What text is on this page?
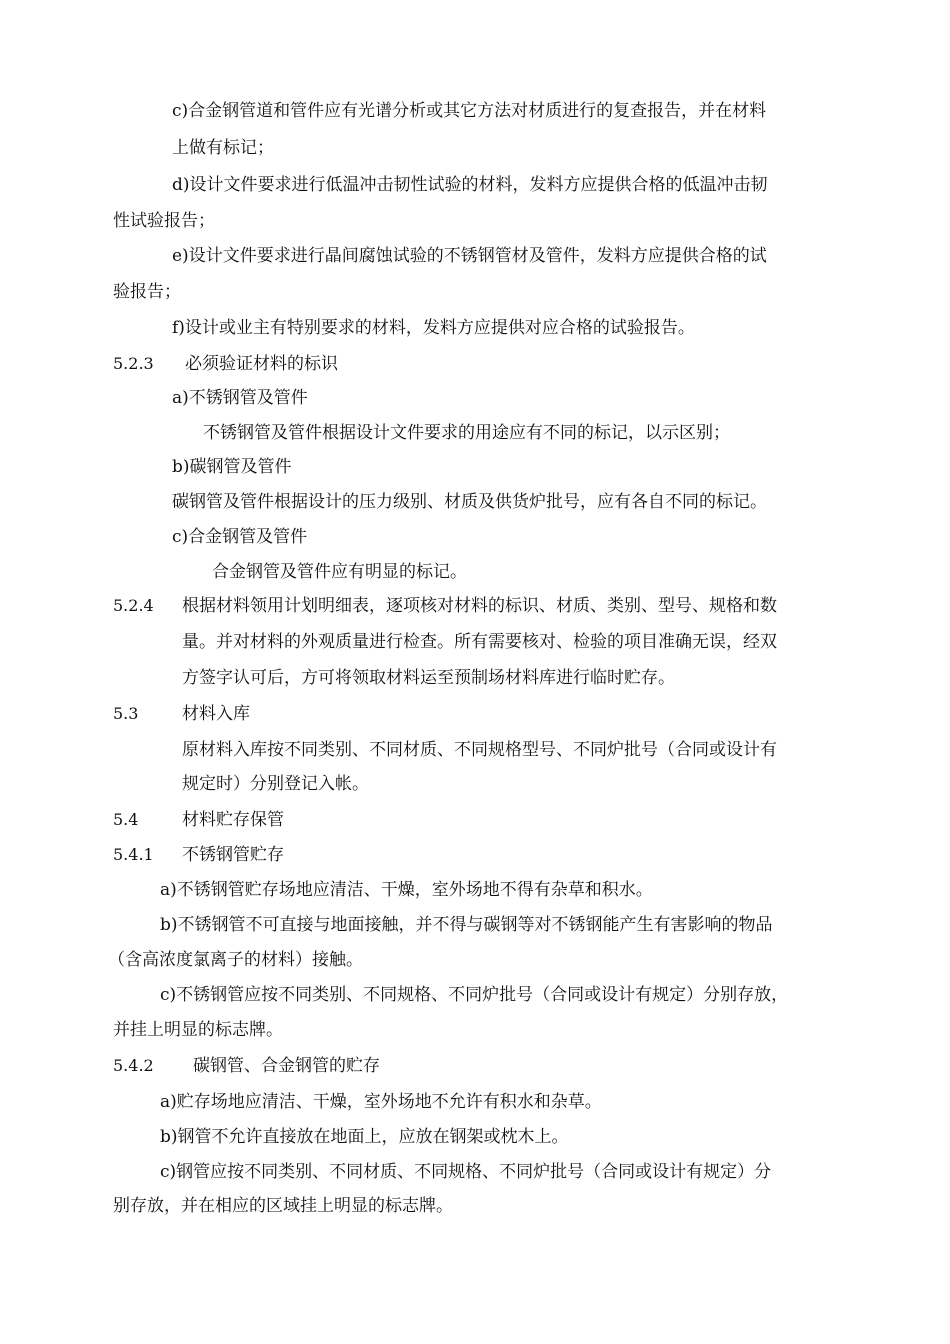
c)合金钢管道和管件应有光谱分析或其它方法对材质进行的复查报告，并在材料
上做有标记；
d)设计文件要求进行低温冲击韧性试验的材料，发料方应提供合格的低温冲击韧
性试验报告；
e)设计文件要求进行晶间腐蚀试验的不锈钢管材及管件，发料方应提供合格的试
验报告；
f)设计或业主有特别要求的材料，发料方应提供对应合格的试验报告。
5.2.3 必须验证材料的标识
a)不锈钢管及管件
不锈钢管及管件根据设计文件要求的用途应有不同的标记，以示区别；
b)碳钢管及管件
碳钢管及管件根据设计的压力级别、材质及供货炉批号，应有各自不同的标记。
c)合金钢管及管件
合金钢管及管件应有明显的标记。
5.2.4 根据材料领用计划明细表，逐项核对材料的标识、材质、类别、型号、规格和数
量。并对材料的外观质量进行检查。所有需要核对、检验的项目准确无误，经双
方签字认可后，方可将领取材料运至预制场材料库进行临时贮存。
5.3	材料入库
原材料入库按不同类别、不同材质、不同规格型号、不同炉批号（合同或设计有
规定时）分别登记入帐。
5.4	材料贮存保管
5.4.1 不锈钢管贮存
a)不锈钢管贮存场地应清洁、干燥，室外场地不得有杂草和积水。
b)不锈钢管不可直接与地面接触，并不得与碳钢等对不锈钢能产生有害影响的物品
（含高浓度氯离子的材料）接触。
c)不锈钢管应按不同类别、不同规格、不同炉批号（合同或设计有规定）分别存放，
并挂上明显的标志牌。
5.4.2 碳钢管、合金钢管的贮存
a)贮存场地应清洁、干燥，室外场地不允许有积水和杂草。
b)钢管不允许直接放在地面上，应放在钢架或枕木上。
c)钢管应按不同类别、不同材质、不同规格、不同炉批号（合同或设计有规定）分
别存放，并在相应的区域挂上明显的标志牌。
